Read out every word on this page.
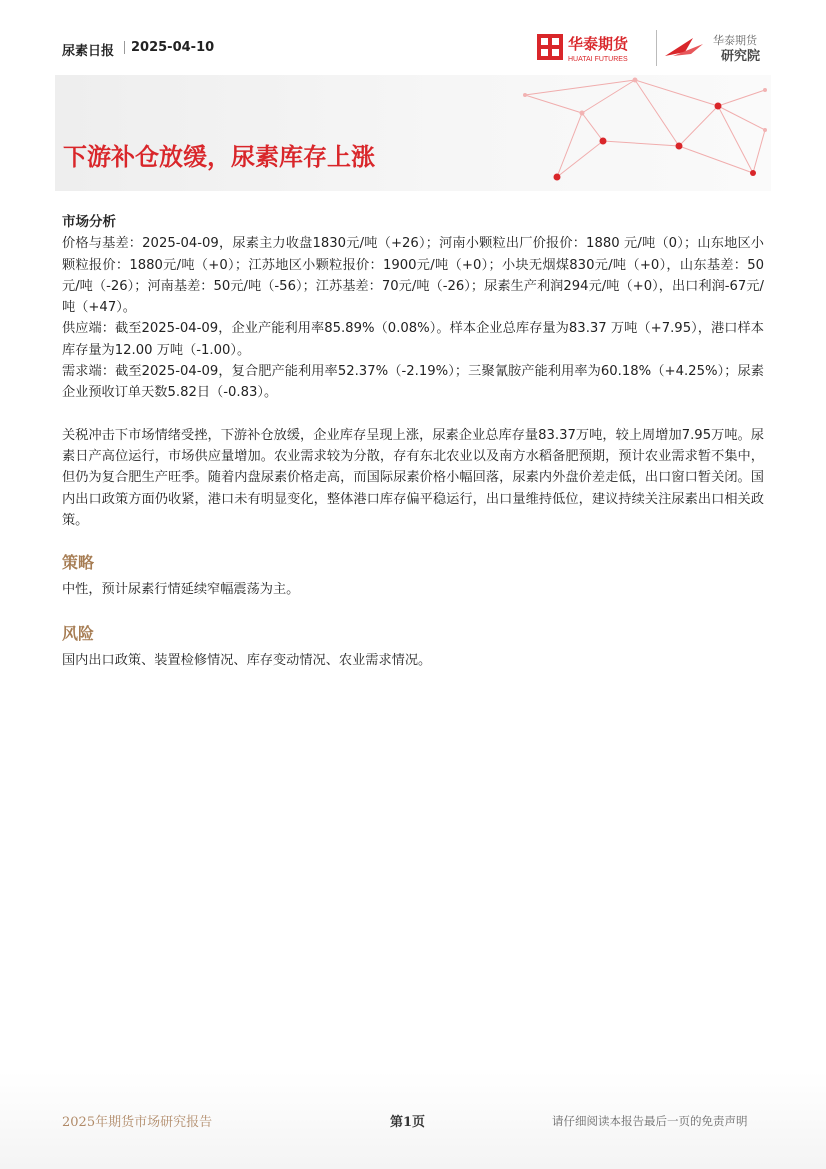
尿素日报 2025-04-10	华泰期货
HUATAI FUTURES
华泰期货
研究院
下游补仓放缓，尿素库存上涨

市场分析

价格与基差：2025-04-09，尿素主力收盘1830元/吨（+26）；河南小颗粒出厂价报价：1880 元/吨（0）；山东地区小颗粒报价：1880元/吨（+0）；江苏地区小颗粒报价：1900元/吨（+0）；小块无烟煤830元/吨（+0），山东基差：50元/吨（-26）；河南基差：50元/吨（-56）；江苏基差：70元/吨（-26）；尿素生产利润294元/吨（+0），出口利润-67元/吨（+47）。

供应端：截至2025-04-09，企业产能利用率85.89%（0.08%）。样本企业总库存量为83.37 万吨（+7.95），港口样本库存量为12.00 万吨（-1.00）。

需求端：截至2025-04-09，复合肥产能利用率52.37%（-2.19%）；三聚氰胺产能利用率为60.18%（+4.25%）；尿素企业预收订单天数5.82日（-0.83）。

关税冲击下市场情绪受挫，下游补仓放缓，企业库存呈现上涨，尿素企业总库存量83.37万吨，较上周增加7.95万吨。尿素日产高位运行，市场供应量增加。农业需求较为分散，存有东北农业以及南方水稻备肥预期，预计农业需求暂不集中，但仍为复合肥生产旺季。随着内盘尿素价格走高，而国际尿素价格小幅回落，尿素内外盘价差走低，出口窗口暂关闭。国内出口政策方面仍收紧，港口未有明显变化，整体港口库存偏平稳运行，出口量维持低位，建议持续关注尿素出口相关政策。

策略

中性，预计尿素行情延续窄幅震荡为主。

风险

国内出口政策、装置检修情况、库存变动情况、农业需求情况。

2025年期货市场研究报告	第1页	请仔细阅读本报告最后一页的免责声明
